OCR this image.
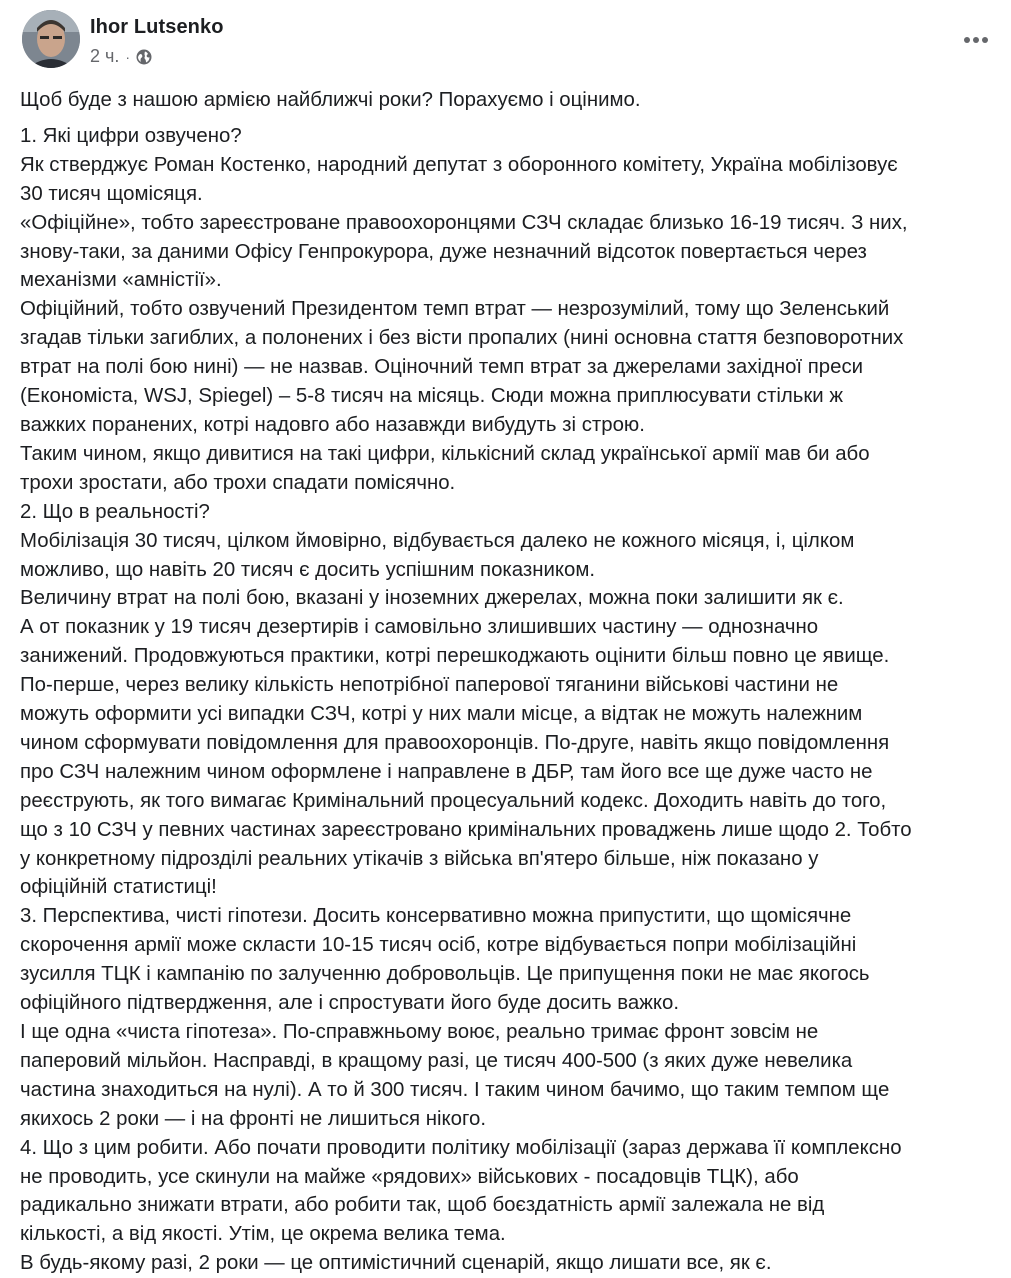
Ihor Lutsenko
2 ч. ·

Щоб буде з нашою армією найближчі роки? Порахуємо і оцінимо.

1. Які цифри озвучено?

Як стверджує Роман Костенко, народний депутат з оборонного комітету, Україна мобілізовує
30 тисяч щомісяця.

«Офіційне», тобто зареєстроване правоохоронцями СЗЧ складає близько 16-19 тисяч. З них,
знову-таки, за даними Офісу Генпрокурора, дуже незначний відсоток повертається через
механізми «амністії».

Офіційний, тобто озвучений Президентом темп втрат — незрозумілий, тому що Зеленський
згадав тільки загиблих, а полонених і без вісти пропалих (нині основна стаття безповоротних
втрат на полі бою нині) — не назвав. Оціночний темп втрат за джерелами західної преси
(Економіста, WSJ, Spiegel) – 5-8 тисяч на місяць. Сюди можна приплюсувати стільки ж
важких поранених, котрі надовго або назавжди вибудуть зі строю.

Таким чином, якщо дивитися на такі цифри, кількісний склад української армії мав би або
трохи зростати, або трохи спадати помісячно.

2. Що в реальності?

Мобілізація 30 тисяч, цілком ймовірно, відбувається далеко не кожного місяця, і, цілком
можливо, що навіть 20 тисяч є досить успішним показником.

Величину втрат на полі бою, вказані у іноземних джерелах, можна поки залишити як є.

А от показник у 19 тисяч дезертирів і самовільно злишивших частину — однозначно
занижений. Продовжуються практики, котрі перешкоджають оцінити більш повно це явище.

По-перше, через велику кількість непотрібної паперової тяганини військові частини не
можуть оформити усі випадки СЗЧ, котрі у них мали місце, а відтак не можуть належним
чином сформувати повідомлення для правоохоронців. По-друге, навіть якщо повідомлення
про СЗЧ належним чином оформлене і направлене в ДБР, там його все ще дуже часто не
реєструють, як того вимагає Кримінальний процесуальний кодекс. Доходить навіть до того,
що з 10 СЗЧ у певних частинах зареєстровано кримінальних проваджень лише щодо 2. Тобто
у конкретному підрозділі реальних утікачів з війська вп'ятеро більше, ніж показано у
офіційній статистиці!

3. Перспектива, чисті гіпотези. Досить консервативно можна припустити, що щомісячне
скорочення армії може скласти 10-15 тисяч осіб, котре відбувається попри мобілізаційні
зусилля ТЦК і кампанію по залученню добровольців. Це припущення поки не має якогось
офіційного підтвердження, але і спростувати його буде досить важко.

І ще одна «чиста гіпотеза». По-справжньому воює, реально тримає фронт зовсім не
паперовий мільйон. Насправді, в кращому разі, це тисяч 400-500 (з яких дуже невелика
частина знаходиться на нулі). А то й 300 тисяч. І таким чином бачимо, що таким темпом ще
якихось 2 роки — і на фронті не лишиться нікого.

4. Що з цим робити. Або почати проводити політику мобілізації (зараз держава її комплексно
не проводить, усе скинули на майже «рядових» військових - посадовців ТЦК), або
радикально знижати втрати, або робити так, щоб боєздатність армії залежала не від
кількості, а від якості. Утім, це окрема велика тема.

В будь-якому разі, 2 роки — це оптимістичний сценарій, якщо лишати все, як є.
